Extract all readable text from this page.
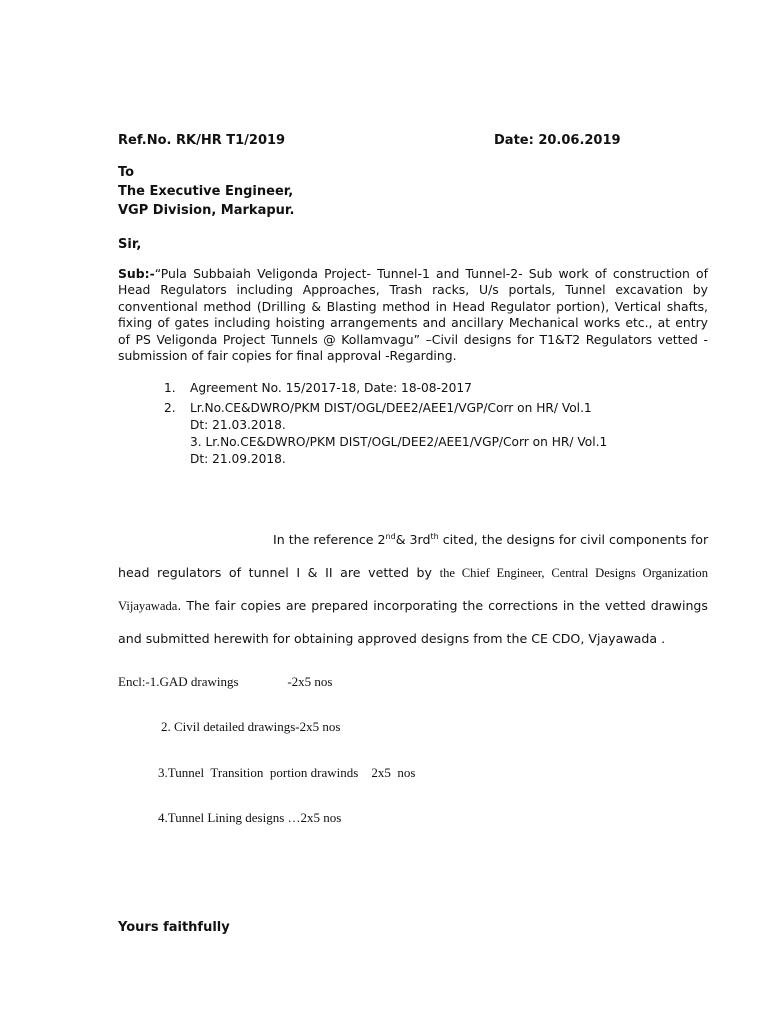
Ref.No. RK/HR T1/2019	Date: 20.06.2019
To
The Executive Engineer,
VGP Division, Markapur.
Sir,
Sub:-“Pula Subbaiah Veligonda Project- Tunnel-1 and Tunnel-2- Sub work of construction of Head Regulators including Approaches, Trash racks, U/s portals, Tunnel excavation by conventional method (Drilling & Blasting method in Head Regulator portion), Vertical shafts, fixing of gates including hoisting arrangements and ancillary Mechanical works etc., at entry of PS Veligonda Project Tunnels @ Kollamvagu” –Civil designs for T1&T2 Regulators vetted - submission of fair copies for final approval -Regarding.
1. Agreement No. 15/2017-18, Date: 18-08-2017
2. Lr.No.CE&DWRO/PKM DIST/OGL/DEE2/AEE1/VGP/Corr on HR/ Vol.1
Dt: 21.03.2018.
3. Lr.No.CE&DWRO/PKM DIST/OGL/DEE2/AEE1/VGP/Corr on HR/ Vol.1
Dt: 21.09.2018.
In the reference 2nd& $3rd^{th}$ cited, the designs for civil components for
head regulators of tunnel I & II are vetted by the Chief Engineer, Central Designs Organization
Vijayawada. The fair copies are prepared incorporating the corrections in the vetted drawings
and submitted herewith for obtaining approved designs from the CE CDO, Vjayawada .
Encl:-1.GAD drawings               -2x5 nos
2. Civil detailed drawings-2x5 nos
3.Tunnel  Transition  portion drawinds    2x5  nos
4.Tunnel Lining designs …2x5 nos
Yours faithfully
